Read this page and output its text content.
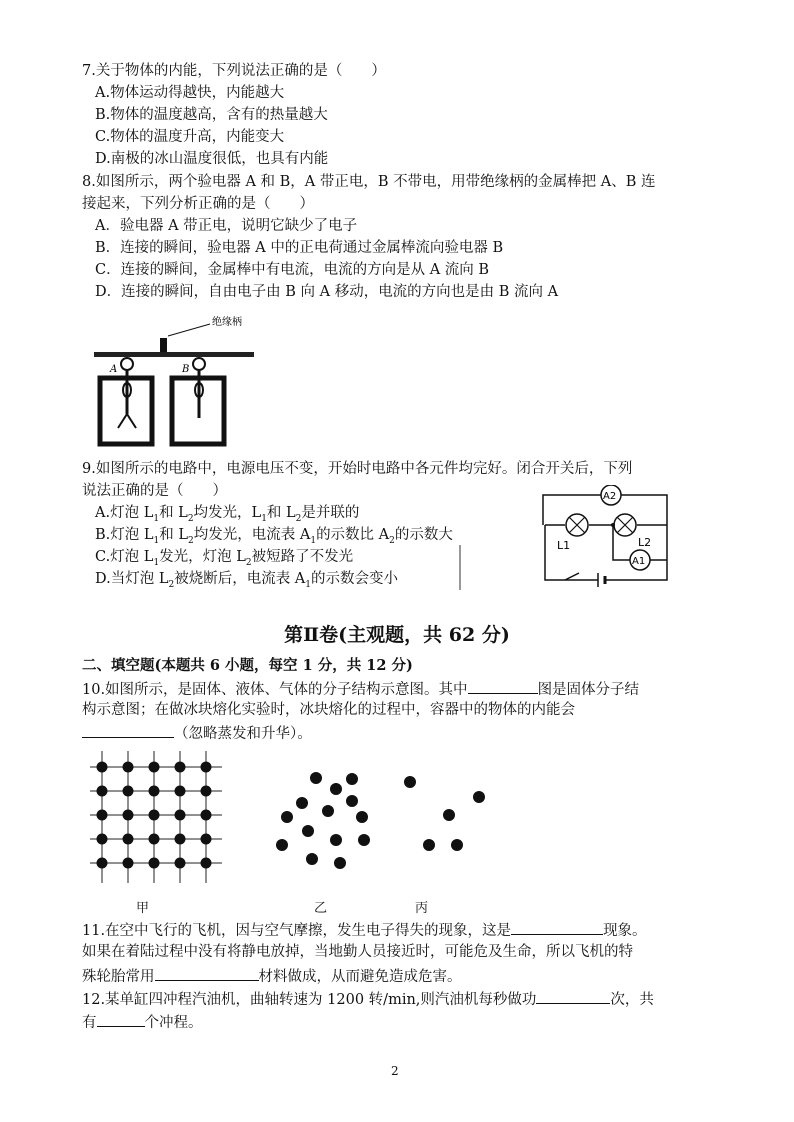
7.关于物体的内能，下列说法正确的是（　　）
A.物体运动得越快，内能越大
B.物体的温度越高，含有的热量越大
C.物体的温度升高，内能变大
D.南极的冰山温度很低，也具有内能
8.如图所示，两个验电器 A 和 B，A 带正电，B 不带电，用带绝缘柄的金属棒把 A、B 连
接起来，下列分析正确的是（　　）
A．验电器 A 带正电，说明它缺少了电子
B．连接的瞬间，验电器 A 中的正电荷通过金属棒流向验电器 B
C．连接的瞬间，金属棒中有电流，电流的方向是从 A 流向 B
D．连接的瞬间，自由电子由 B 向 A 移动，电流的方向也是由 B 流向 A
绝缘柄
A	B
9.如图所示的电路中，电源电压不变，开始时电路中各元件均完好。闭合开关后，下列
说法正确的是（　　）
A.灯泡 $L_1$和 $L_2$均发光，$L_1$和 $L_2$是并联的
B.灯泡 $L_1$和 $L_2$均发光，电流表 $A_1$的示数比 $A_2$的示数大
C.灯泡 $L_1$发光，灯泡 $L_2$被短路了不发光
D.当灯泡 $L_2$被烧断后，电流表 $A_1$的示数会变小
A2
L1	L2
A1
第Ⅱ卷(主观题，共 62 分)
二、填空题(本题共 6 小题，每空 1 分，共 12 分)
10.如图所示，是固体、液体、气体的分子结构示意图。其中	图是固体分子结
构示意图；在做冰块熔化实验时，冰块熔化的过程中，容器中的物体的内能会
（忽略蒸发和升华）。
甲	乙	丙
11.在空中飞行的飞机，因与空气摩擦，发生电子得失的现象，这是	现象。
如果在着陆过程中没有将静电放掉，当地勤人员接近时，可能危及生命，所以飞机的特
殊轮胎常用	材料做成，从而避免造成危害。
12.某单缸四冲程汽油机，曲轴转速为 1200 转/min,则汽油机每秒做功	次，共
有	个冲程。
2
